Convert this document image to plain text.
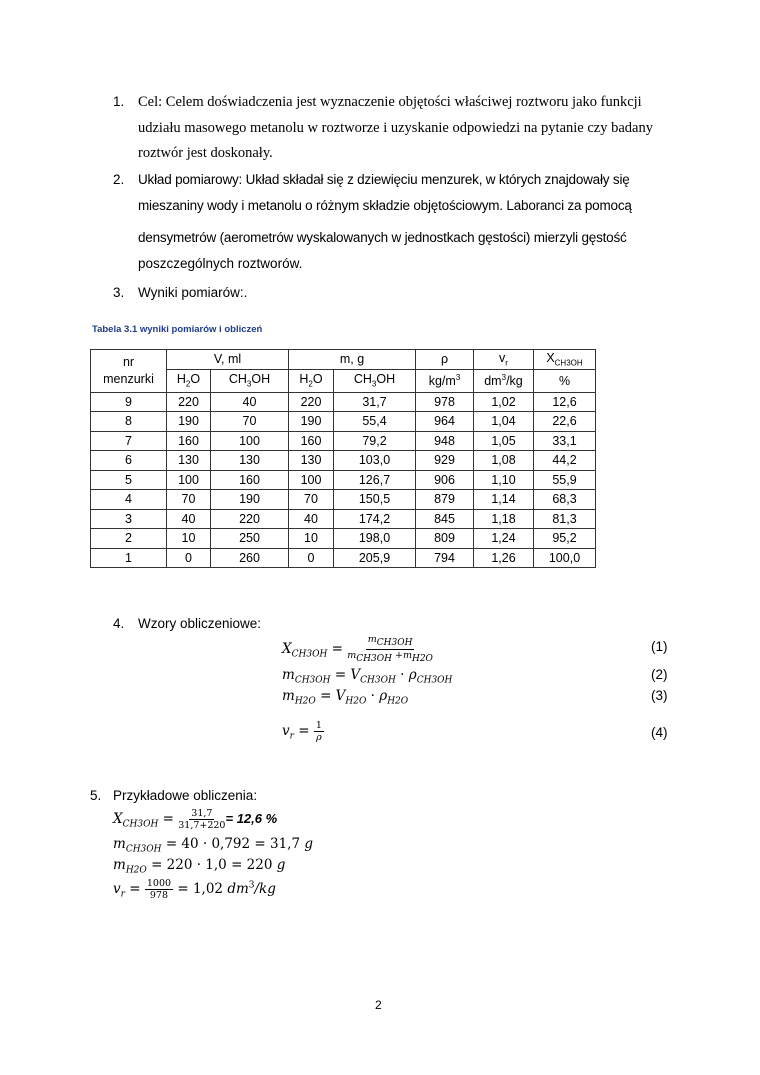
1. Cel: Celem doświadczenia jest wyznaczenie objętości właściwej roztworu jako funkcji
udziału masowego metanolu w roztworze i uzyskanie odpowiedzi na pytanie czy badany
roztwór jest doskonały.
2. Układ pomiarowy: Układ składał się z dziewięciu menzurek, w których znajdowały się
mieszaniny wody i metanolu o różnym składzie objętościowym. Laboranci za pomocą
densymetrów (aerometrów wyskalowanych w jednostkach gęstości) mierzyli gęstość
poszczególnych roztworów.
3. Wyniki pomiarów:.
Tabela 3.1 wyniki pomiarów i obliczeń
nr
menzurki	V, ml		m, g		ρ	$v_r$	$X_{CH3OH}$
	$H_2O$	$CH_3OH$	$H_2O$	$CH_3OH$	$kg/m^3$	$dm^3/kg$	%
9	220	40	220	31,7	978	1,02	12,6
8	190	70	190	55,4	964	1,04	22,6
7	160	100	160	79,2	948	1,05	33,1
6	130	130	130	103,0	929	1,08	44,2
5	100	160	100	126,7	906	1,10	55,9
4	70	190	70	150,5	879	1,14	68,3
3	40	220	40	174,2	845	1,18	81,3
2	10	250	10	198,0	809	1,24	95,2
1	0	260	0	205,9	794	1,26	100,0
4. Wzory obliczeniowe:
$X_{CH3OH} = \frac{m_{CH3OH}}{m_{CH3OH} +m_{H2O}}$
$m_{CH3OH} = V_{CH3OH} \cdot \rho_{CH3OH}$
$m_{H2O} = V_{H2O} \cdot \rho_{H2O}$
$v_r = \frac{1}{\rho}$
(1)
(2)
(3)
(4)
5. Przykładowe obliczenia:
$X_{CH3OH} = \frac{31,7}{31,7+220} = 12,6$ %
$m_{CH3OH} = 40 \cdot 0,792 = 31,7$ g
$m_{H2O} = 220 \cdot 1,0 = 220$ g
$v_r = \frac{1000}{978} = 1,02$ $dm^3/kg$
2
